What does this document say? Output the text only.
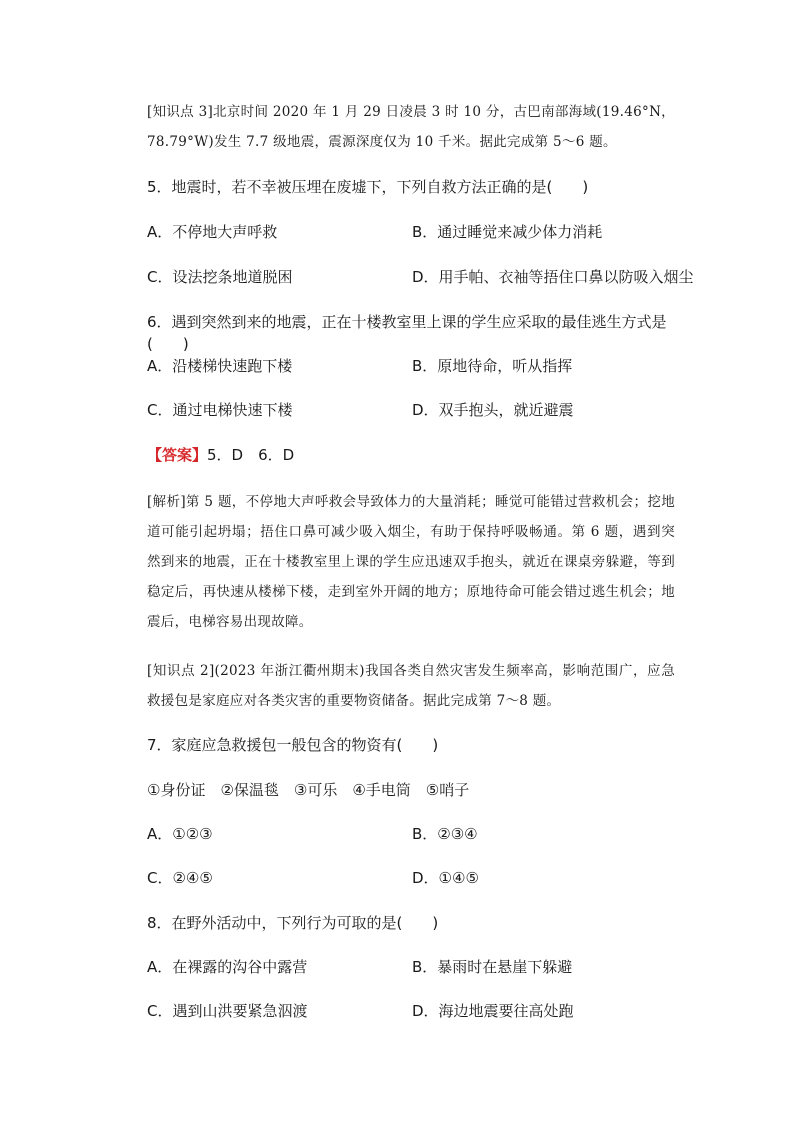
[知识点 3]北京时间 2020 年 1 月 29 日凌晨 3 时 10 分，古巴南部海域(19.46°N，78.79°W)发生 7.7 级地震，震源深度仅为 10 千米。据此完成第 5～6 题。
5．地震时，若不幸被压埋在废墟下，下列自救方法正确的是(　　)
A．不停地大声呼救	B．通过睡觉来减少体力消耗
C．设法挖条地道脱困	D．用手帕、衣袖等捂住口鼻以防吸入烟尘
6．遇到突然到来的地震，正在十楼教室里上课的学生应采取的最佳逃生方式是(　　)
A．沿楼梯快速跑下楼	B．原地待命，听从指挥
C．通过电梯快速下楼	D．双手抱头，就近避震
【答案】5．D　6．D
[解析]第 5 题，不停地大声呼救会导致体力的大量消耗；睡觉可能错过营救机会；挖地道可能引起坍塌；捂住口鼻可减少吸入烟尘，有助于保持呼吸畅通。第 6 题，遇到突然到来的地震，正在十楼教室里上课的学生应迅速双手抱头，就近在课桌旁躲避，等到稳定后，再快速从楼梯下楼，走到室外开阔的地方；原地待命可能会错过逃生机会；地震后，电梯容易出现故障。
[知识点 2](2023 年浙江衢州期末)我国各类自然灾害发生频率高，影响范围广，应急救援包是家庭应对各类灾害的重要物资储备。据此完成第 7～8 题。
7．家庭应急救援包一般包含的物资有(　　)
①身份证　②保温毯　③可乐　④手电筒　⑤哨子
A．①②③	B．②③④
C．②④⑤	D．①④⑤
8．在野外活动中，下列行为可取的是(　　)
A．在裸露的沟谷中露营	B．暴雨时在悬崖下躲避
C．遇到山洪要紧急泅渡	D．海边地震要往高处跑
